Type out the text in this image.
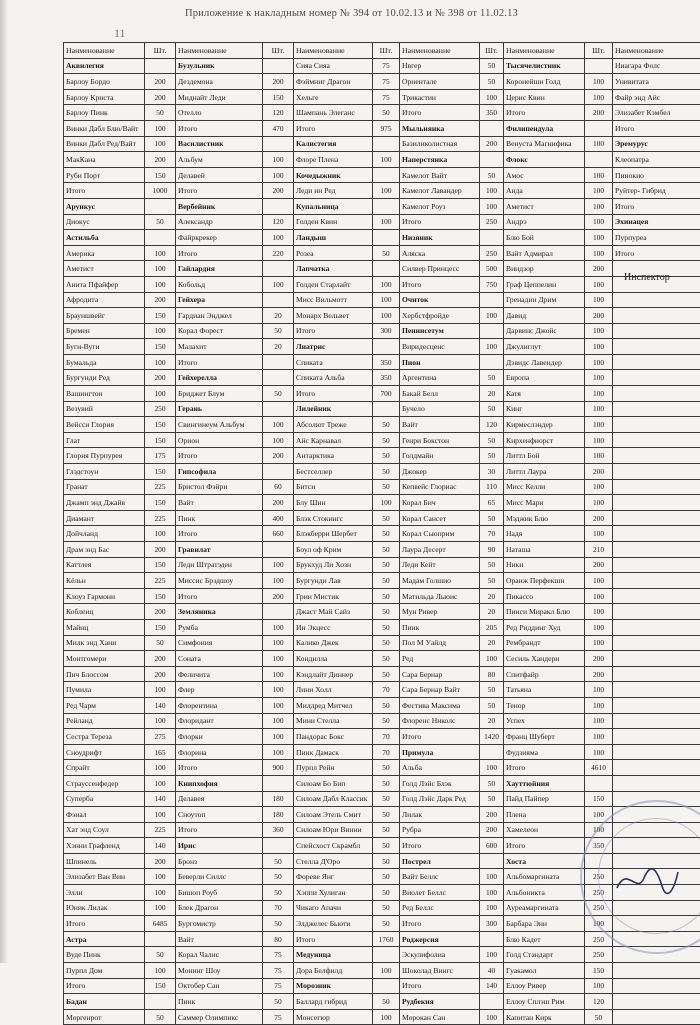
Приложение к накладным номер № 394 от 10.02.13 и № 398 от 11.02.13
11
Наименование	Шт.	Наименование	Шт.	Наименование	Шт.	Наименование	Шт.	Наименование	Шт.	Наименование	
Аквилегия		Бузульник		Сияа Сияа	75	Нвгер	50	Тысячелистник		Ниагара Фолс	
Барлоу Бордо	200	Дездемона	200	Фэймниг Драгон	75	Ориентале	50	Коронейшн Голд	100	Унивитата	
Барлоу Криста	200	Миднайт Леди	150	Хельге	75	Трикастин	100	Церис Квин	100	Файр энд Айс	
Барлоу Пинк	50	Отелло	120	Шампань Элеганс	50	Итого	350	Итого	200	Элизабет Кэмбел	
Винки Дабл Блю/Вайт	100	Итого	470	Итого	975	Мыльнянка		Филипендула		Итого	
Винки Дабл Ред/Вайт	100	Василистник		Калистегия		Базиликолистная	200	Венуста Магнифика	100	Эремурус	
МакКана	200	Альбум	100	Флоре Плена	100	Наперстянка		Флокс		Клеопатра	
Руби Порт	150	Делавей	100	Кочедыжник		Камелот Вайт	50	Амос	100	Пинокио	
Итого	1000	Итого	200	Леди ин Ред	100	Камелот Лавандер	100	Анда	100	Руйтер- Гибрид	
Арункус		Вербейник		Купальница		Камелот Роуз	100	Аметист	100	Итого	
Диокус	50	Александр	120	Голден Квин	100	Итого	250	Андрэ	100	Эхинацея	
Астильба		Файркрекер	100	Ландыш		Низяник		Блю Бой	100	Пурпуреа	
Америка	100	Итого	220	Розеа	50	Аляска	250	Вайт Адмирал	100	Итого	
Аметист	100	Гайлардия		Лапчатка		Силвер Принцесс	500	Виндзор	200		
Анита Пфайфер	100	Кобольд	100	Голден Старлайт	100	Итого	750	Граф Цеппелин	100		
Афродита	200	Гейхера		Мисс Вильмотт	100	Очиток		Гренадин Дрим	100		
Брауншвейг	150	Гардиан Энджел	20	Монарх Вельвет	100	Хербстфройде	100	Давид	200		
Бремен	100	Корал Форест	50	Итого	300	Пеннисетум		Дарвинс Джойс	100		
Буги-Вуги	150	Малахит	20	Лиатрис		Виридесценс	100	Джулиглут	100		
Бумальда	100	Итого		Спиката	350	Пион		Дэвидс Лавендер	100		
Бургунди Ред	200	Гейхерелла		Спиката Альба	350	Аргентина	50	Европа	100		
Вашингтон	100	Бриджет Блум	50	Итого	700	Бакай Белл	20	Катя	100		
Везувий	250	Герань		Лилейник		Бучело	50	Кинг	100		
Вейсси Глория	150	Свингинеум Альбум	100	Абсолют Треже	50	Вайт	120	Кирмеслэндер	100		
Глат	150	Орион	100	Айс Карнавал	50	Генри Бокстон	50	Кирхенфиорст	100		
Глория Пурпурея	175	Итого	200	Антарктика	50	Голдмайн	50	Литтл Бой	100		
Глэдстоун	150	Гипсофила		Бестселлер	50	Джокер	30	Литтл Лаура	200		
Гранат	225	Бристол Фэйри	60	Битси	50	Кепвейс Глориас	110	Мисс Келли	100		
Джамп энд Джайв	150	Вайт	200	Блу Шин	100	Корал Бич	65	Мисс Мари	100		
Диамант	225	Пинк	400	Блэк Стокингс	50	Корал Сансет	50	Мэджик Блю	200		
Дойчланд	100	Итого	660	Блэкберри Шербет	50	Корал Сьюприм	70	Надя	100		
Драм энд Бас	200	Гравилат		Боул оф Крим	50	Лаура Десерт	90	Наташа	210		
Каттлея	150	Леди Штратэден	100	Брукхуд Ли Хозн	50	Леди Кейт	50	Ники	200		
Кёльн	225	Миссис Брэдшоу	100	Бургунди Лав	50	Мадам Голшио	50	Оранж Перфекшн	100		
Клоуз Гармони	150	Итого	200	Грин Мистик	50	Матильда Льюис	20	Пикассо	100		
Кобленц	200	Земляника		Джаст Май Сайз	50	Мун Ривер	20	Пинси Миракл Блю	100		
Майнц	150	Румба	100	Ин Экцесс	50	Пинк	205	Ред Риддинг Худ	100		
Милк энд Хани	50	Симфония	100	Калико Джек	50	Пол М Уайлд	20	Рембрандт	100		
Монтгомери	200	Соната	100	Кондилла	50	Ред	100	Сесиль Хандери	200		
Пич Блоссом	200	Феличита	100	Кэндлайт Диннер	50	Сара Бернар	80	Спитфайр	200		
Пумила	100	Флер	100	Лини Холл	70	Сара Бернар Вайт	50	Татьяна	100		
Ред Чарм	140	Флорентина	100	Милдред Митчел	50	Фестива Максима	50	Тенор	100		
Рейланд	100	Флоридант	100	Мини Стелла	50	Флоренс Николс	20	Успех	100		
Сестра Тереза	275	Флорки	100	Пандорас Бокс	70	Итого	1420	Франц Шуберт	100		
Сноудрифт	165	Флорина	100	Пинк Дамаск	70	Примула		Фудзияма	100		
Спрайт	100	Итого	900	Пурпл Рейн	50	Альба	100	Итого	4610		
Страуссенфедер	100	Книпхофия		Силоам Бо Бип	50	Голд Лэйс Блэк	50	Хауттюйния			
Суперба	140	Делавея	180	Силоам Дабл Классик	50	Голд Лэйс Дарк Ред	50	Пайд Пайпер	150		
Фэнал	100	Сноутоп	180	Силоам Этель Смит	50	Лилак	200	Плена	100		
Хат энд Соул	225	Итого	360	Силоам Юри Винни	50	Рубра	200	Хамелеон	100		
Хэнни Графленд	140	Ирис		Спейсхост Скрамбл	50	Итого	600	Итого	350		
Шпинель	200	Бронз	50	Стелла Д'Оро	50	Пострел		Хоста			
Элизабет Ван Вин	100	Беверли Силлс	50	Фореве Янг	50	Вайт Беллс	100	Альбомаргината	250		
Элли	100	Бишоп Роуб	50	Хэппи Хулиган	50	Виолет Беллс	100	Альбоникта	250		
Юник Лилак	100	Блек Драгон	70	Чикаго Апачи	50	Ред Беллс	100	Ауреамаргината	250		
Итого	6485	Бургомистр	50	Элджелес Бьюти	50	Итого	300	Барбара Энн	100		
Астра		Вайт	80	Итого	1760	Роджерсия		Блю Кадет	250		
Вуде Пинк	50	Корал Чалис	75	Медуница		Эскулифолиа	100	Голд Стандарт	250		
Пурпл Дом	100	Монинг Шоу	75	Дора Белфилд	100	Шоколад Вингс	40	Гуакамол	150		
Итого	150	Октобер Сан	75	Морозник		Итого	140	Еллоу Ривер	100		
Бадан		Пинк	50	Баллард гибрид	50	Рудбекия		Еллоу Сплэш Рим	120		
Моргенрот	50	Саммер Олимпикс	75	Монсегюр	100	Морокан Сан	100	Капитан Кирк	50		
Инспектор
